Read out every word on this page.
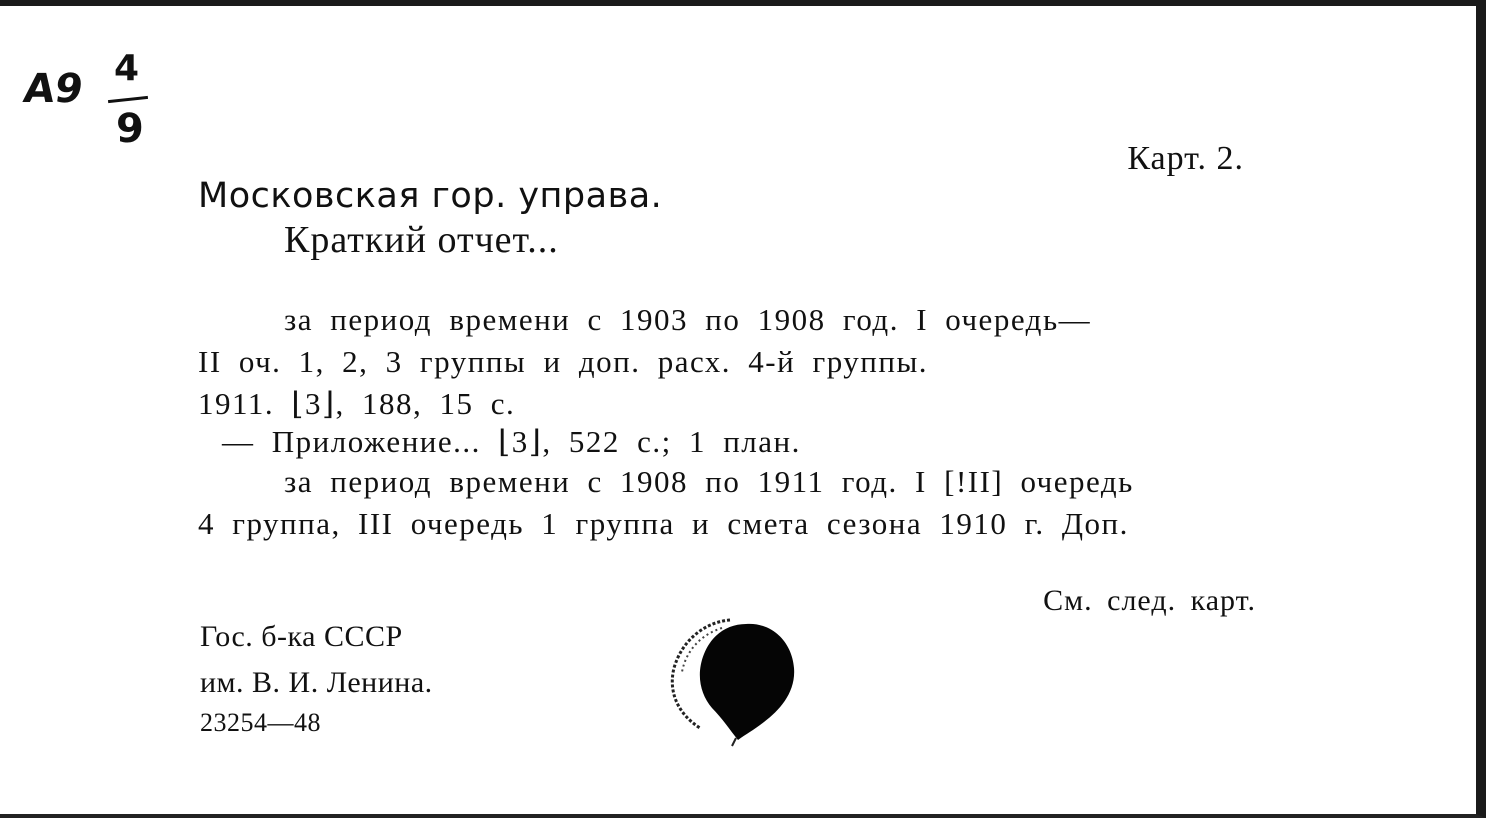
A9 4
9
Карт. 2.
Московская гор. управа.
Краткий отчет...
за период времени с 1903 по 1908 год. I очередь—
II оч. 1, 2, 3 группы и доп. расх. 4-й группы.
1911. ⌊3⌋, 188, 15 с.
— Приложение... ⌊3⌋, 522 с.; 1 план.
за период времени с 1908 по 1911 год. I [!II] очередь
4 группа, III очередь 1 группа и смета сезона 1910 г. Доп.
См. след. карт.
Гос. б-ка СССР
им. В. И. Ленина.
23254—48
